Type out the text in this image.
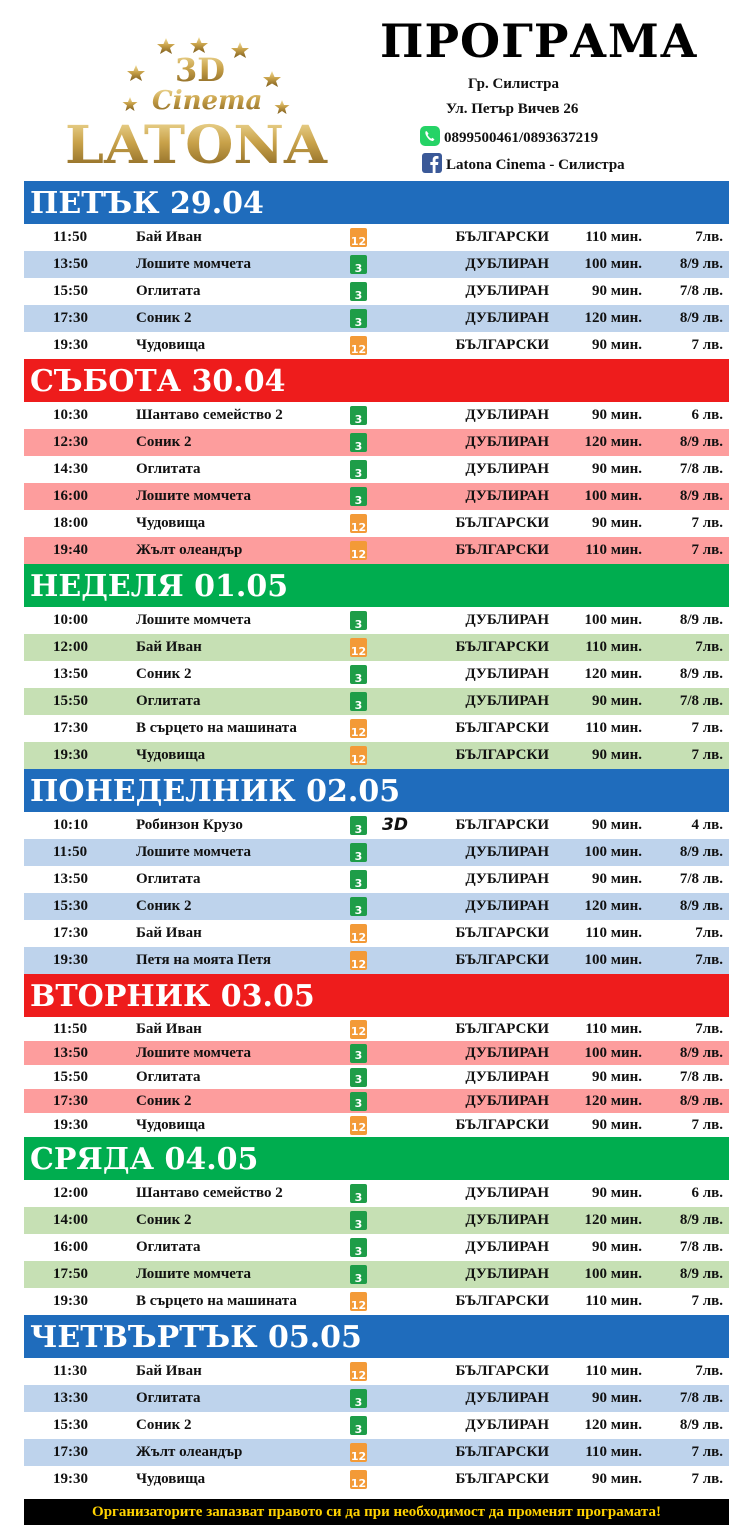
3D
Cinema
LATONA
ПРОГРАМА
Гр. Силистра
Ул. Петър Вичев 26
0899500461/0893637219
Latona Cinema - Силистра
ПЕТЪК 29.04
11:50	Бай Иван	12	БЪЛГАРСКИ 110 мин.	7лв.
13:50	Лошите момчета	3	ДУБЛИРАН 100 мин.	8/9 лв.
15:50	Оглитата	3	ДУБЛИРАН	90 мин.	7/8 лв.
17:30	Соник 2	3	ДУБЛИРАН 120 мин.	8/9 лв.
19:30	Чудовища	12	БЪЛГАРСКИ	90 мин.	7 лв.
СЪБОТА 30.04
10:30	Шантаво семейство 2	3	ДУБЛИРАН	90 мин.	6 лв.
12:30	Соник 2	3	ДУБЛИРАН 120 мин.	8/9 лв.
14:30	Оглитата	3	ДУБЛИРАН	90 мин.	7/8 лв.
16:00	Лошите момчета	3	ДУБЛИРАН 100 мин.	8/9 лв.
18:00	Чудовища	12	БЪЛГАРСКИ	90 мин.	7 лв.
19:40	Жълт олеандър	12	БЪЛГАРСКИ 110 мин.	7 лв.
НЕДЕЛЯ 01.05
10:00	Лошите момчета	3	ДУБЛИРАН 100 мин.	8/9 лв.
12:00	Бай Иван	12	БЪЛГАРСКИ 110 мин.	7лв.
13:50	Соник 2	3	ДУБЛИРАН 120 мин.	8/9 лв.
15:50	Оглитата	3	ДУБЛИРАН	90 мин.	7/8 лв.
17:30	В сърцето на машината	12	БЪЛГАРСКИ 110 мин.	7 лв.
19:30	Чудовища	12	БЪЛГАРСКИ	90 мин.	7 лв.
ПОНЕДЕЛНИК 02.05
10:10	Робинзон Крузо	3 3D	БЪЛГАРСКИ	90 мин.	4 лв.
11:50	Лошите момчета	3	ДУБЛИРАН 100 мин.	8/9 лв.
13:50	Оглитата	3	ДУБЛИРАН	90 мин.	7/8 лв.
15:30	Соник 2	3	ДУБЛИРАН 120 мин.	8/9 лв.
17:30	Бай Иван	12	БЪЛГАРСКИ 110 мин.	7лв.
19:30	Петя на моята Петя	12	БЪЛГАРСКИ 100 мин.	7лв.
ВТОРНИК 03.05
11:50	Бай Иван	12	БЪЛГАРСКИ 110 мин.	7лв.
13:50	Лошите момчета	3	ДУБЛИРАН 100 мин.	8/9 лв.
15:50	Оглитата	3	ДУБЛИРАН	90 мин.	7/8 лв.
17:30	Соник 2	3	ДУБЛИРАН 120 мин.	8/9 лв.
19:30	Чудовища	12	БЪЛГАРСКИ	90 мин.	7 лв.
СРЯДА 04.05
12:00	Шантаво семейство 2	3	ДУБЛИРАН	90 мин.	6 лв.
14:00	Соник 2	3	ДУБЛИРАН 120 мин.	8/9 лв.
16:00	Оглитата	3	ДУБЛИРАН	90 мин.	7/8 лв.
17:50	Лошите момчета	3	ДУБЛИРАН 100 мин.	8/9 лв.
19:30	В сърцето на машината	12	БЪЛГАРСКИ 110 мин.	7 лв.
ЧЕТВЪРТЪК 05.05
11:30	Бай Иван	12	БЪЛГАРСКИ 110 мин.	7лв.
13:30	Оглитата	3	ДУБЛИРАН	90 мин.	7/8 лв.
15:30	Соник 2	3	ДУБЛИРАН 120 мин.	8/9 лв.
17:30	Жълт олеандър	12	БЪЛГАРСКИ 110 мин.	7 лв.
19:30	Чудовища	12	БЪЛГАРСКИ	90 мин.	7 лв.
Организаторите запазват правото си да при необходимост да променят програмата!
